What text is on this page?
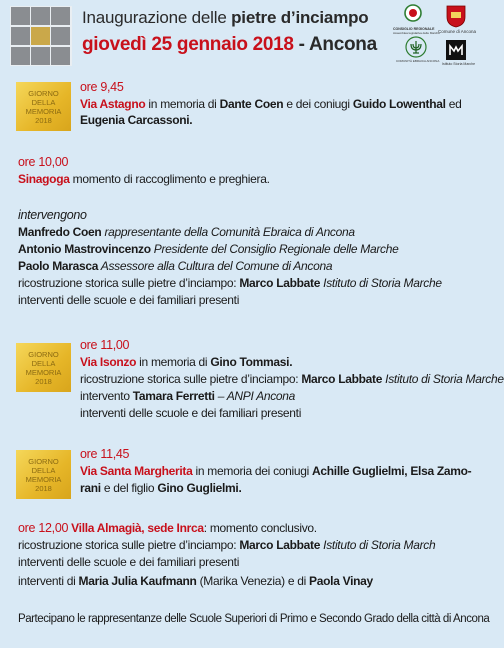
Inaugurazione delle pietre d’inciampo
giovedì 25 gennaio 2018 - Ancona
CONSIGLIO REGIONALE
Assemblea legislativa delle Marche
Comune di Ancona
COMUNITÀ EBRAICA ANCONA
Istituto Storia Marche
GIORNO
DELLA
MEMORIA
2018
GIORNO
DELLA
MEMORIA
2018
GIORNO
DELLA
MEMORIA
2018
ore 9,45
Via Astagno in memoria di Dante Coen e dei coniugi Guido Lowenthal ed
Eugenia Carcassoni.
ore 10,00
Sinagoga momento di raccoglimento e preghiera.
intervengono
Manfredo Coen rappresentante della Comunità Ebraica di Ancona
Antonio Mastrovincenzo Presidente del Consiglio Regionale delle Marche
Paolo Marasca Assessore alla Cultura del Comune di Ancona
ricostruzione storica sulle pietre d’inciampo: Marco Labbate Istituto di Storia Marche
interventi delle scuole e dei familiari presenti
ore 11,00
Via Isonzo in memoria di Gino Tommasi.
ricostruzione storica sulle pietre d’inciampo: Marco Labbate Istituto di Storia Marche
intervento Tamara Ferretti – ANPI Ancona
interventi delle scuole e dei familiari presenti
ore 11,45
Via Santa Margherita in memoria dei coniugi Achille Guglielmi, Elsa Zamo-
rani e del figlio Gino Guglielmi.
ore 12,00 Villa Almagià, sede Inrca: momento conclusivo.
ricostruzione storica sulle pietre d’inciampo: Marco Labbate Istituto di Storia March
interventi delle scuole e dei familiari presenti
interventi di Maria Julia Kaufmann (Marika Venezia) e di Paola Vinay
Partecipano le rappresentanze delle Scuole Superiori di Primo e Secondo Grado della città di Ancona
